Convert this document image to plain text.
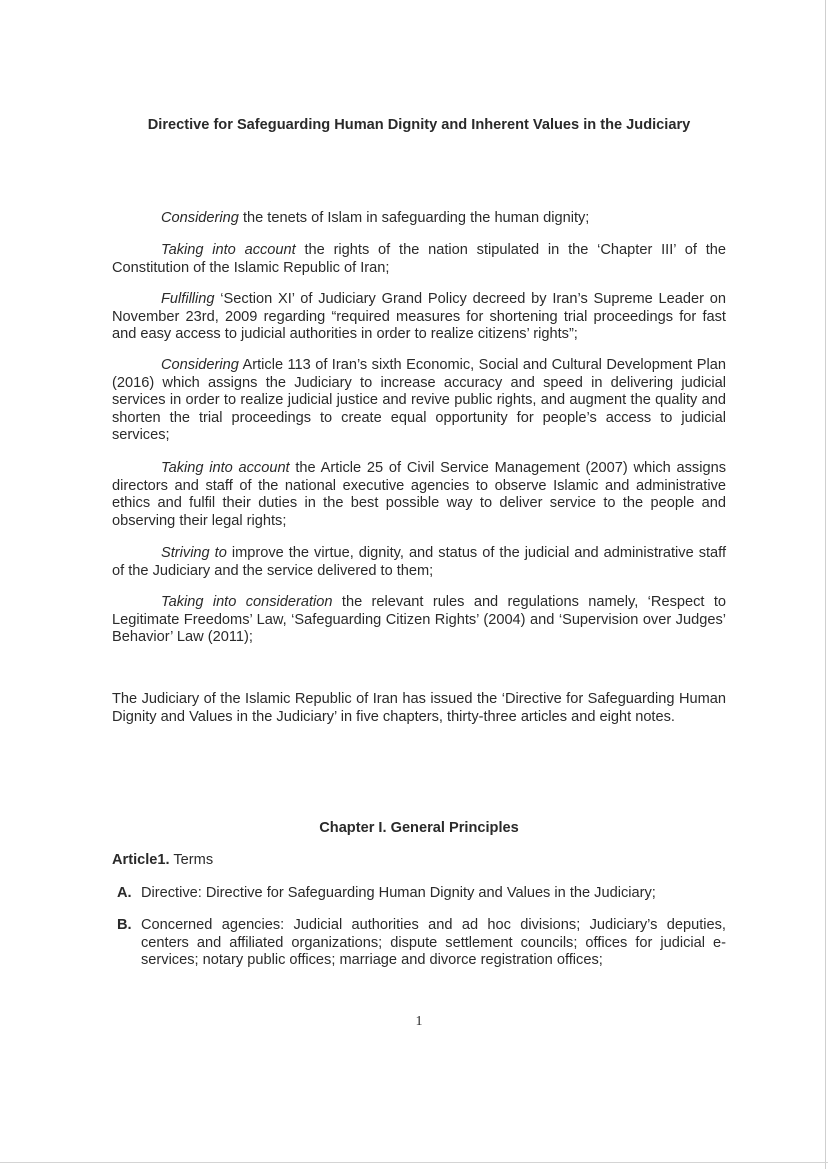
Directive for Safeguarding Human Dignity and Inherent Values in the Judiciary

Considering the tenets of Islam in safeguarding the human dignity;

Taking into account the rights of the nation stipulated in the ‘Chapter III’ of the Constitution of the Islamic Republic of Iran;

Fulfilling ‘Section XI’ of Judiciary Grand Policy decreed by Iran’s Supreme Leader on November 23rd, 2009 regarding “required measures for shortening trial proceedings for fast and easy access to judicial authorities in order to realize citizens’ rights”;

Considering Article 113 of Iran’s sixth Economic, Social and Cultural Development Plan (2016) which assigns the Judiciary to increase accuracy and speed in delivering judicial services in order to realize judicial justice and revive public rights, and augment the quality and shorten the trial proceedings to create equal opportunity for people’s access to judicial services;

Taking into account the Article 25 of Civil Service Management (2007) which assigns directors and staff of the national executive agencies to observe Islamic and administrative ethics and fulfil their duties in the best possible way to deliver service to the people and observing their legal rights;

Striving to improve the virtue, dignity, and status of the judicial and administrative staff of the Judiciary and the service delivered to them;

Taking into consideration the relevant rules and regulations namely, ‘Respect to Legitimate Freedoms’ Law, ‘Safeguarding Citizen Rights’ (2004) and ‘Supervision over Judges’ Behavior’ Law (2011);

The Judiciary of the Islamic Republic of Iran has issued the ‘Directive for Safeguarding Human Dignity and Values in the Judiciary’ in five chapters, thirty-three articles and eight notes.

Chapter I. General Principles
Article1. Terms
A. Directive: Directive for Safeguarding Human Dignity and Values in the Judiciary;
B. Concerned agencies: Judicial authorities and ad hoc divisions; Judiciary’s deputies, centers and affiliated organizations; dispute settlement councils; offices for judicial e-services; notary public offices; marriage and divorce registration offices;
1
